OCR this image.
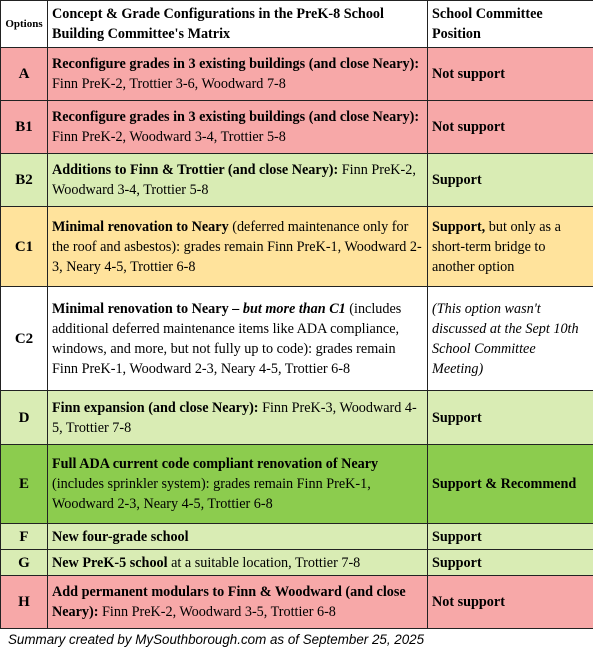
Options	Concept & Grade Configurations in the PreK-8 School Building Committee's Matrix	School Committee Position
A	Reconfigure grades in 3 existing buildings (and close Neary): Finn PreK-2, Trottier 3-6, Woodward 7-8	Not support
B1	Reconfigure grades in 3 existing buildings (and close Neary): Finn PreK-2, Woodward 3-4, Trottier 5-8	Not support
B2	Additions to Finn & Trottier (and close Neary): Finn PreK-2, Woodward 3-4, Trottier 5-8	Support
C1	Minimal renovation to Neary (deferred maintenance only for the roof and asbestos): grades remain Finn PreK-1, Woodward 2-3, Neary 4-5, Trottier 6-8	Support, but only as a short-term bridge to another option
C2	Minimal renovation to Neary – but more than C1 (includes additional deferred maintenance items like ADA compliance, windows, and more, but not fully up to code): grades remain Finn PreK-1, Woodward 2-3, Neary 4-5, Trottier 6-8	(This option wasn't discussed at the Sept 10th School Committee Meeting)
D	Finn expansion (and close Neary): Finn PreK-3, Woodward 4-5, Trottier 7-8	Support
E	Full ADA current code compliant renovation of Neary (includes sprinkler system): grades remain Finn PreK-1, Woodward 2-3, Neary 4-5, Trottier 6-8	Support & Recommend
F	New four-grade school	Support
G	New PreK-5 school at a suitable location, Trottier 7-8	Support
H	Add permanent modulars to Finn & Woodward (and close Neary): Finn PreK-2, Woodward 3-5, Trottier 6-8	Not support
Summary created by MySouthborough.com as of September 25, 2025
